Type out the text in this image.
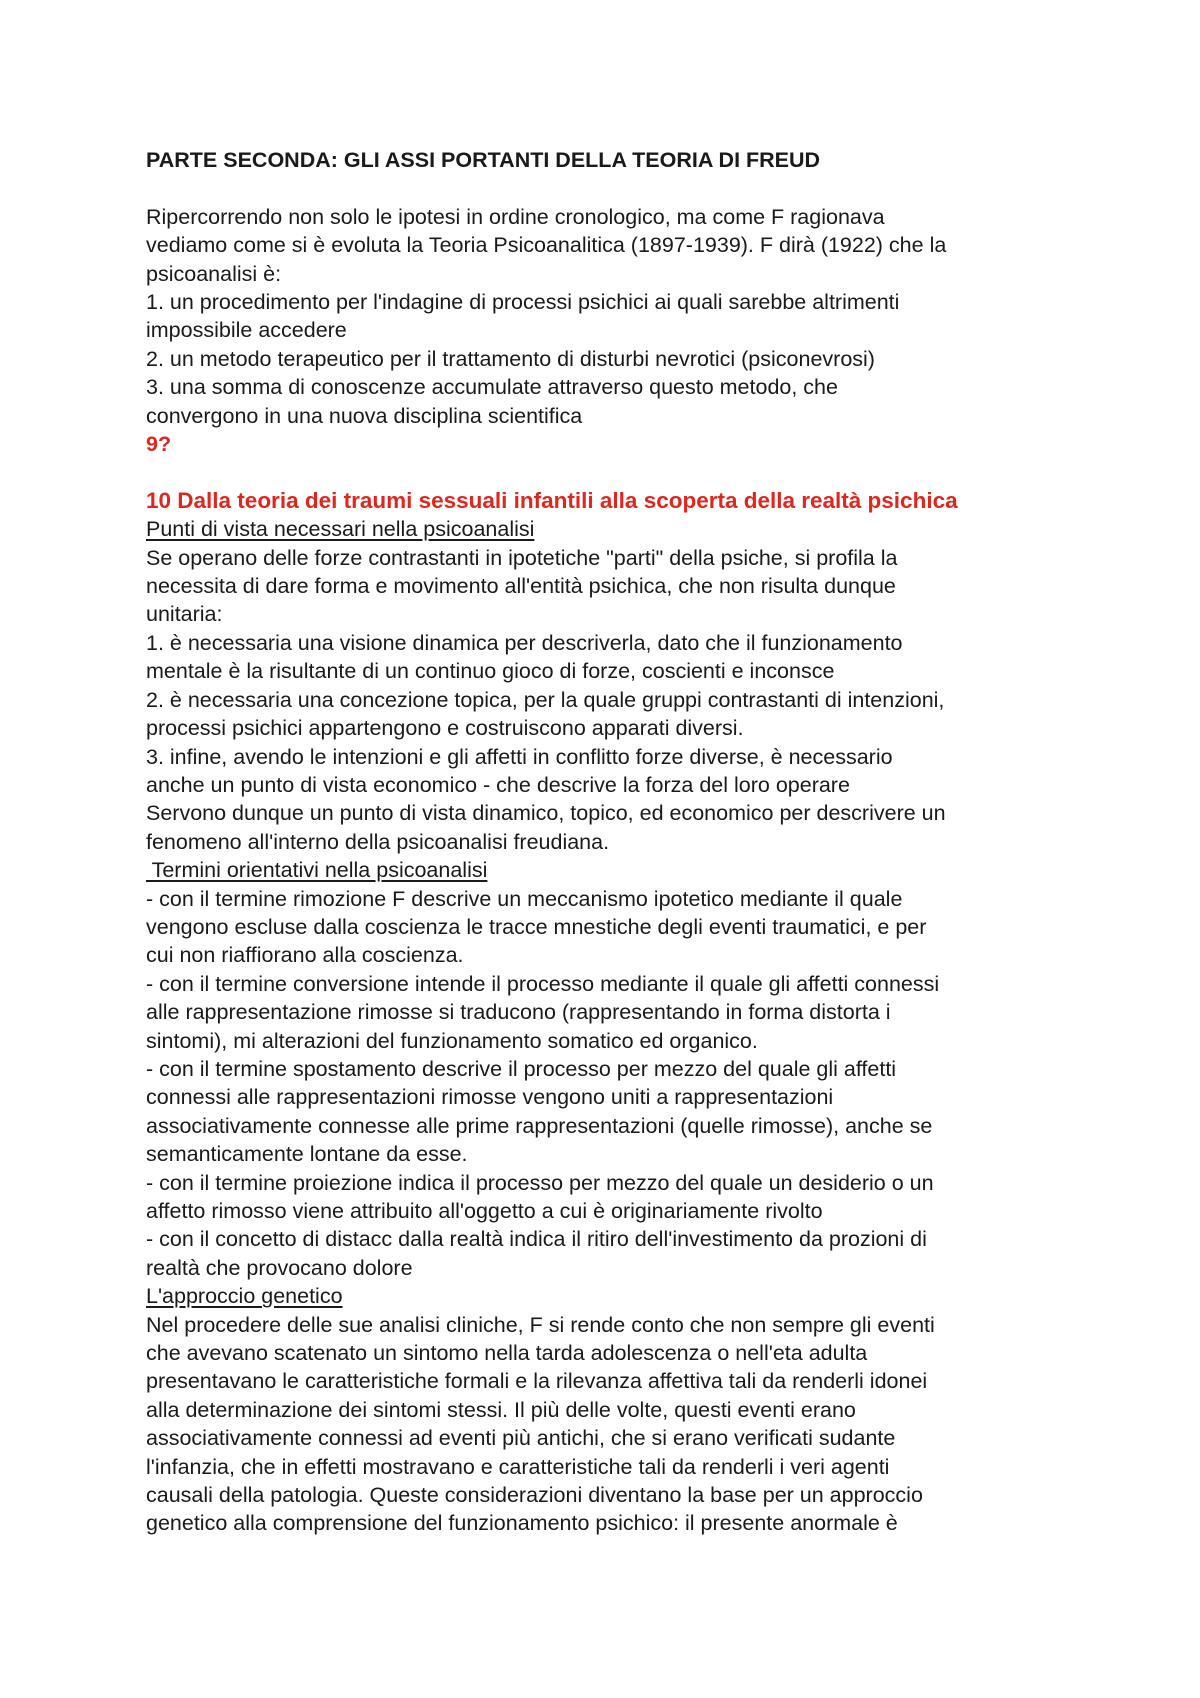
PARTE SECONDA: GLI ASSI PORTANTI DELLA TEORIA DI FREUD
Ripercorrendo non solo le ipotesi in ordine cronologico, ma come F ragionava
vediamo come si è evoluta la Teoria Psicoanalitica (1897-1939). F dirà (1922) che la
psicoanalisi è:
1. un procedimento per l'indagine di processi psichici ai quali sarebbe altrimenti
impossibile accedere
2. un metodo terapeutico per il trattamento di disturbi nevrotici (psiconevrosi)
3. una somma di conoscenze accumulate attraverso questo metodo, che
convergono in una nuova disciplina scientifica
9?
10 Dalla teoria dei traumi sessuali infantili alla scoperta della realtà psichica
Punti di vista necessari nella psicoanalisi
Se operano delle forze contrastanti in ipotetiche "parti" della psiche, si profila la
necessita di dare forma e movimento all'entità psichica, che non risulta dunque
unitaria:
1. è necessaria una visione dinamica per descriverla, dato che il funzionamento
mentale è la risultante di un continuo gioco di forze, coscienti e inconsce
2. è necessaria una concezione topica, per la quale gruppi contrastanti di intenzioni,
processi psichici appartengono e costruiscono apparati diversi.
3. infine, avendo le intenzioni e gli affetti in conflitto forze diverse, è necessario
anche un punto di vista economico - che descrive la forza del loro operare
Servono dunque un punto di vista dinamico, topico, ed economico per descrivere un
fenomeno all'interno della psicoanalisi freudiana.
Termini orientativi nella psicoanalisi
- con il termine rimozione F descrive un meccanismo ipotetico mediante il quale
vengono escluse dalla coscienza le tracce mnestiche degli eventi traumatici, e per
cui non riaffiorano alla coscienza.
- con il termine conversione intende il processo mediante il quale gli affetti connessi
alle rappresentazione rimosse si traducono (rappresentando in forma distorta i
sintomi), mi alterazioni del funzionamento somatico ed organico.
- con il termine spostamento descrive il processo per mezzo del quale gli affetti
connessi alle rappresentazioni rimosse vengono uniti a rappresentazioni
associativamente connesse alle prime rappresentazioni (quelle rimosse), anche se
semanticamente lontane da esse.
- con il termine proiezione indica il processo per mezzo del quale un desiderio o un
affetto rimosso viene attribuito all'oggetto a cui è originariamente rivolto
- con il concetto di distacc dalla realtà indica il ritiro dell'investimento da prozioni di
realtà che provocano dolore
L'approccio genetico
Nel procedere delle sue analisi cliniche, F si rende conto che non sempre gli eventi
che avevano scatenato un sintomo nella tarda adolescenza o nell'eta adulta
presentavano le caratteristiche formali e la rilevanza affettiva tali da renderli idonei
alla determinazione dei sintomi stessi. Il più delle volte, questi eventi erano
associativamente connessi ad eventi più antichi, che si erano verificati sudante
l'infanzia, che in effetti mostravano e caratteristiche tali da renderli i veri agenti
causali della patologia. Queste considerazioni diventano la base per un approccio
genetico alla comprensione del funzionamento psichico: il presente anormale è
